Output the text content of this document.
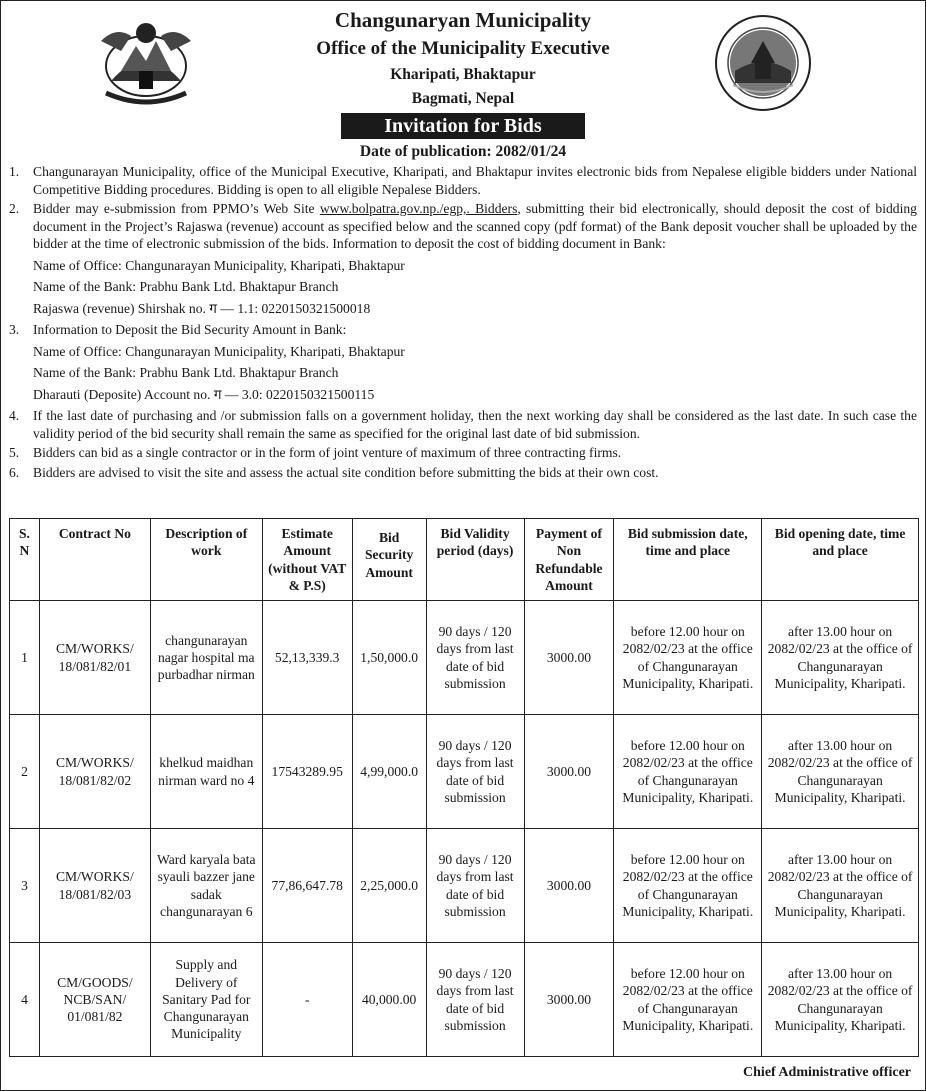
Changunaryan Municipality
Office of the Municipality Executive
Kharipati, Bhaktapur
Bagmati, Nepal
Invitation for Bids
Date of publication: 2082/01/24
1.	Changunarayan Municipality, office of the Municipal Executive, Kharipati, and Bhaktapur invites electronic bids from Nepalese eligible bidders under National Competitive Bidding procedures. Bidding is open to all eligible Nepalese Bidders.
2.	Bidder may e-submission from PPMO’s Web Site www.bolpatra.gov.np./egp,. Bidders, submitting their bid electronically, should deposit the cost of bidding document in the Project’s Rajaswa (revenue) account as specified below and the scanned copy (pdf format) of the Bank deposit voucher shall be uploaded by the bidder at the time of electronic submission of the bids. Information to deposit the cost of bidding document in Bank:
Name of Office: Changunarayan Municipality, Kharipati, Bhaktapur
Name of the Bank: Prabhu Bank Ltd. Bhaktapur Branch
Rajaswa (revenue) Shirshak no. ग — 1.1: 0220150321500018
3.	Information to Deposit the Bid Security Amount in Bank:
Name of Office: Changunarayan Municipality, Kharipati, Bhaktapur
Name of the Bank: Prabhu Bank Ltd. Bhaktapur Branch
Dharauti (Deposite) Account no. ग — 3.0: 0220150321500115
4.	If the last date of purchasing and /or submission falls on a government holiday, then the next working day shall be considered as the last date. In such case the validity period of the bid security shall remain the same as specified for the original last date of bid submission.
5.	Bidders can bid as a single contractor or in the form of joint venture of maximum of three contracting firms.
6.	Bidders are advised to visit the site and assess the actual site condition before submitting the bids at their own cost.
S. N	Contract No	Description of work	Estimate Amount (without VAT & P.S)	Bid Security Amount	Bid Validity period (days)	Payment of Non Refundable Amount	Bid submission date, time and place	Bid opening date, time and place
1	CM/WORKS/ 18/081/82/01	changunarayan nagar hospital ma purbadhar nirman	52,13,339.3	1,50,000.0	90 days / 120 days from last date of bid submission	3000.00	before 12.00 hour on 2082/02/23 at the office of Changunarayan Municipality, Kharipati.	after 13.00 hour on 2082/02/23 at the office of Changunarayan Municipality, Kharipati.
2	CM/WORKS/ 18/081/82/02	khelkud maidhan nirman ward no 4	17543289.95	4,99,000.0	90 days / 120 days from last date of bid submission	3000.00	before 12.00 hour on 2082/02/23 at the office of Changunarayan Municipality, Kharipati.	after 13.00 hour on 2082/02/23 at the office of Changunarayan Municipality, Kharipati.
3	CM/WORKS/ 18/081/82/03	Ward karyala bata syauli bazzer jane sadak changunarayan 6	77,86,647.78	2,25,000.0	90 days / 120 days from last date of bid submission	3000.00	before 12.00 hour on 2082/02/23 at the office of Changunarayan Municipality, Kharipati.	after 13.00 hour on 2082/02/23 at the office of Changunarayan Municipality, Kharipati.
4	CM/GOODS/ NCB/SAN/ 01/081/82	Supply and Delivery of Sanitary Pad for Changunarayan Municipality	-	40,000.00	90 days / 120 days from last date of bid submission	3000.00	before 12.00 hour on 2082/02/23 at the office of Changunarayan Municipality, Kharipati.	after 13.00 hour on 2082/02/23 at the office of Changunarayan Municipality, Kharipati.
Chief Administrative officer
